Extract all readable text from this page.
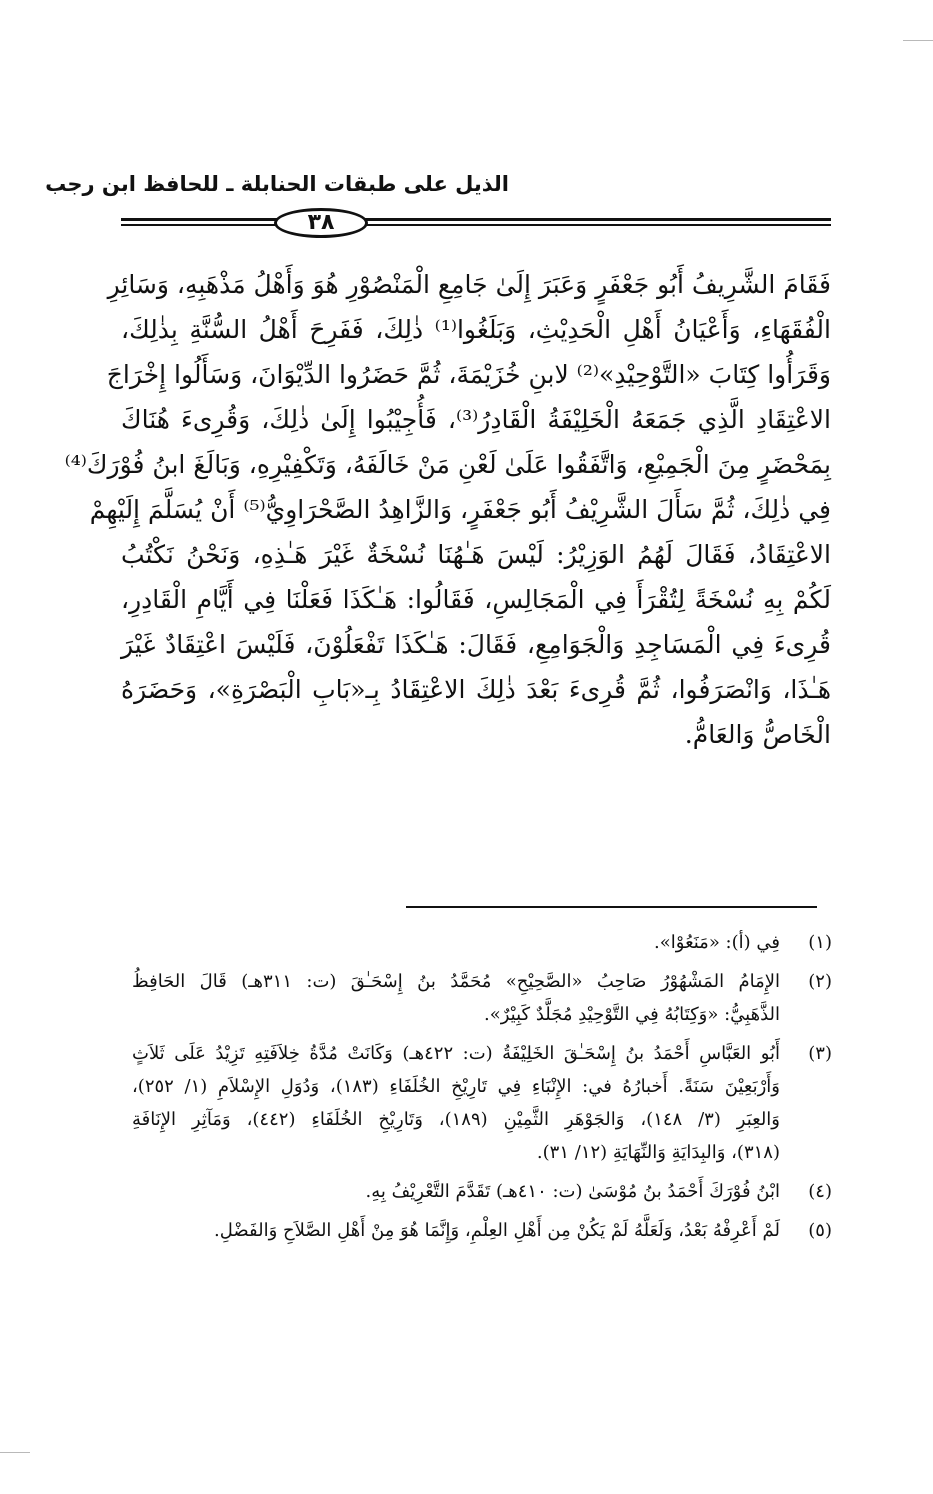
الذيل على طبقات الحنابلة ـ للحافظ ابن رجب
٣٨
فَقَامَ الشَّرِيفُ أَبُو جَعْفَرٍ وَعَبَرَ إِلَىٰ جَامِعِ الْمَنْصُوْرِ هُوَ وَأَهْلُ مَذْهَبِهِ، وَسَائِرِ
الْفُقَهَاءِ، وَأَعْيَانُ أَهْلِ الْحَدِيْثِ، وَبَلَغُوا⁽¹⁾ ذٰلِكَ، فَفَرِحَ أَهْلُ السُّنَّةِ بِذٰلِكَ،
وَقَرَأُوا كِتَابَ «التَّوْحِيْدِ»⁽²⁾ لابنِ خُزَيْمَةَ، ثُمَّ حَضَرُوا الدِّيْوَانَ، وَسَأَلُوا إِخْرَاجَ
الاعْتِقَادِ الَّذِي جَمَعَهُ الْخَلِيْفَةُ الْقَادِرُ⁽³⁾، فَأُجِيْبُوا إِلَىٰ ذٰلِكَ، وَقُرِىءَ هُنَاكَ
بِمَحْضَرٍ مِنَ الْجَمِيْعِ، وَاتَّفَقُوا عَلَىٰ لَعْنِ مَنْ خَالَفَهُ، وَتَكْفِيْرِهِ، وَبَالَغَ ابنُ فُوْرَكَ⁽⁴⁾
فِي ذٰلِكَ، ثُمَّ سَأَلَ الشَّرِيْفُ أَبُو جَعْفَرٍ، وَالزَّاهِدُ الصَّحْرَاوِيُّ⁽⁵⁾ أَنْ يُسَلَّمَ إِلَيْهِمْ
الاعْتِقَادُ، فَقَالَ لَهُمُ الوَزِيْرُ: لَيْسَ هَـٰهُنَا نُسْخَةٌ غَيْرَ هَـٰذِهِ، وَنَحْنُ نَكْتُبُ
لَكُمْ بِهِ نُسْخَةً لِتُقْرَأَ فِي الْمَجَالِسِ، فَقَالُوا: هَـٰكَذَا فَعَلْنَا فِي أَيَّامِ الْقَادِرِ،
قُرِىءَ فِي الْمَسَاجِدِ وَالْجَوَامِعِ، فَقَالَ: هَـٰكَذَا تَفْعَلُوْنَ، فَلَيْسَ اعْتِقَادٌ غَيْرَ
هَـٰذَا، وَانْصَرَفُوا، ثُمَّ قُرِىءَ بَعْدَ ذٰلِكَ الاعْتِقَادُ بِـ«بَابِ الْبَصْرَةِ»، وَحَضَرَهُ
الْخَاصُّ وَالعَامُّ.
(١)
فِي (أ): «مَنَعُوْا».
(٢)
الإِمَامُ المَشْهُوْرُ صَاحِبُ «الصَّحِيْحِ» مُحَمَّدُ بنُ إِسْحَـٰقَ (ت: ٣١١هـ) قَالَ الحَافِظُ
الذَّهَبِيُّ: «وَكِتَابُهُ فِي التَّوْحِيْدِ مُجَلَّدٌ كَبِيْرٌ».
(٣)
أَبُو العَبَّاسِ أَحْمَدُ بنُ إِسْحَـٰقَ الخَلِيْفَةُ (ت: ٤٢٢هـ) وَكَانَتْ مُدَّةُ خِلاَفَتِهِ تَزِيْدُ عَلَى ثَلاَثٍ
وَأَرْبَعِيْنَ سَنَةً. أَخبارُهُ في: الإِنْبَاءِ فِي تَارِيْخِ الخُلَفَاءِ (١٨٣)، وَدُوَلِ الإِسْلاَمِ (١/ ٢٥٢)،
وَالعِبَرِ (٣/ ١٤٨)، وَالجَوْهَرِ الثَّمِيْنِ (١٨٩)، وَتَارِيْخِ الخُلَفَاءِ (٤٤٢)، وَمَآثِرِ الإِنَافَةِ
(٣١٨)، وَالبِدَايَةِ وَالنِّهَايَةِ (١٢/ ٣١).
(٤)
ابْنُ فُوْرَكَ أَحْمَدُ بنُ مُوْسَىٰ (ت: ٤١٠هـ) تَقَدَّمَ التَّعْرِيْفُ بِهِ.
(٥)
لَمْ أَعْرِفْهُ بَعْدُ، وَلَعَلَّهُ لَمْ يَكُنْ مِن أَهْلِ العِلْمِ، وَإِنَّمَا هُوَ مِنْ أَهْلِ الصَّلاَحِ وَالفَضْلِ.
